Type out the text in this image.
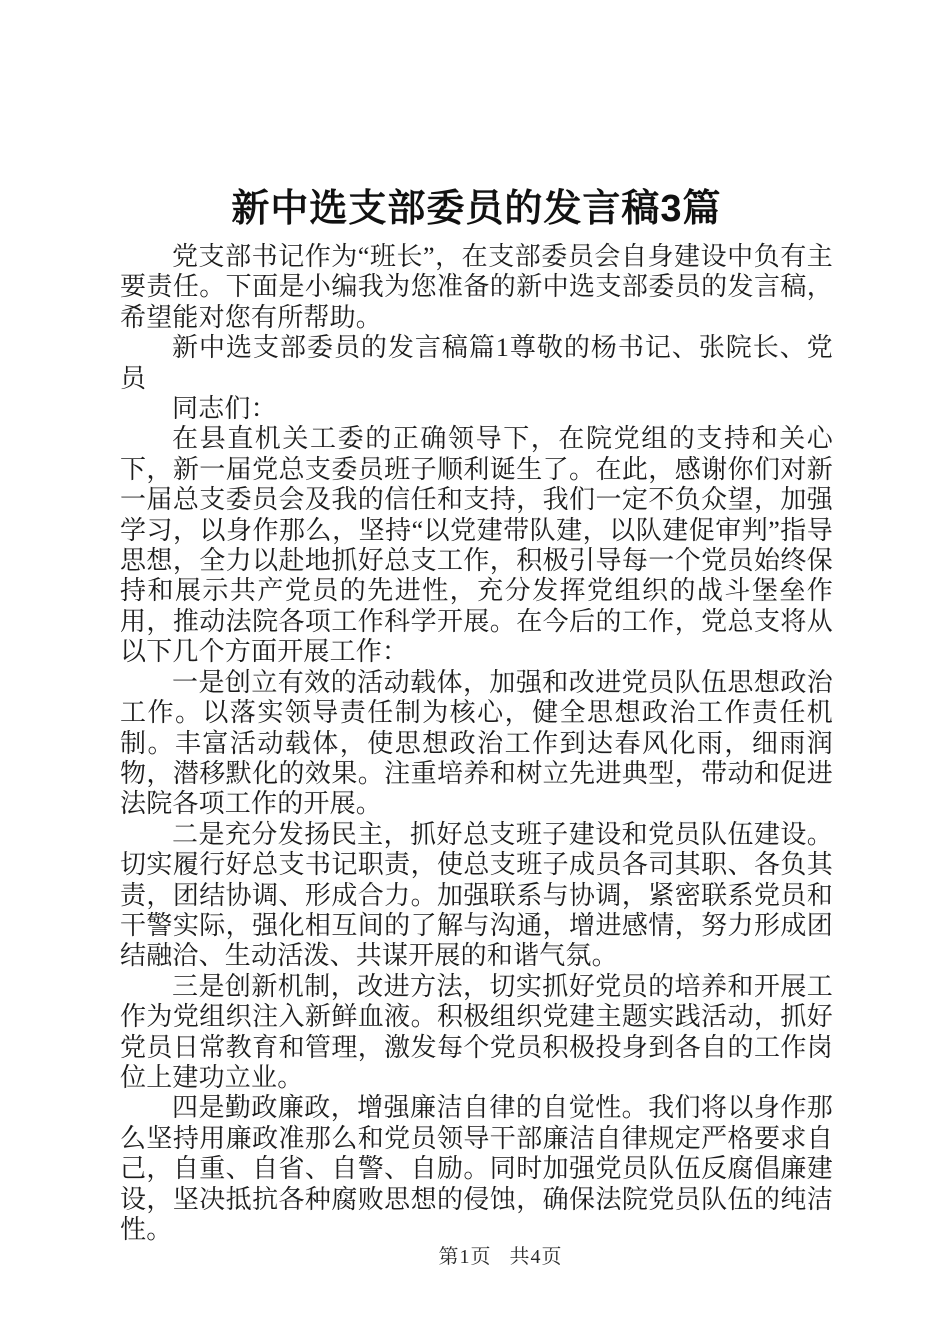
新中选支部委员的发言稿3篇

党支部书记作为“班长”，在支部委员会自身建设中负有主要责任。下面是小编我为您准备的新中选支部委员的发言稿，希望能对您有所帮助。

新中选支部委员的发言稿篇1尊敬的杨书记、张院长、党员

同志们：

在县直机关工委的正确领导下，在院党组的支持和关心下，新一届党总支委员班子顺利诞生了。在此，感谢你们对新一届总支委员会及我的信任和支持，我们一定不负众望，加强学习，以身作那么，坚持“以党建带队建，以队建促审判”指导思想，全力以赴地抓好总支工作，积极引导每一个党员始终保持和展示共产党员的先进性，充分发挥党组织的战斗堡垒作用，推动法院各项工作科学开展。在今后的工作，党总支将从以下几个方面开展工作：

一是创立有效的活动载体，加强和改进党员队伍思想政治工作。以落实领导责任制为核心，健全思想政治工作责任机制。丰富活动载体，使思想政治工作到达春风化雨，细雨润物，潜移默化的效果。注重培养和树立先进典型，带动和促进法院各项工作的开展。

二是充分发扬民主，抓好总支班子建设和党员队伍建设。切实履行好总支书记职责，使总支班子成员各司其职、各负其责，团结协调、形成合力。加强联系与协调，紧密联系党员和干警实际，强化相互间的了解与沟通，增进感情，努力形成团结融洽、生动活泼、共谋开展的和谐气氛。

三是创新机制，改进方法，切实抓好党员的培养和开展工作为党组织注入新鲜血液。积极组织党建主题实践活动，抓好党员日常教育和管理，激发每个党员积极投身到各自的工作岗位上建功立业。

四是勤政廉政，增强廉洁自律的自觉性。我们将以身作那么坚持用廉政准那么和党员领导干部廉洁自律规定严格要求自己，自重、自省、自警、自励。同时加强党员队伍反腐倡廉建设，坚决抵抗各种腐败思想的侵蚀，确保法院党员队伍的纯洁性。

第1页 共4页
